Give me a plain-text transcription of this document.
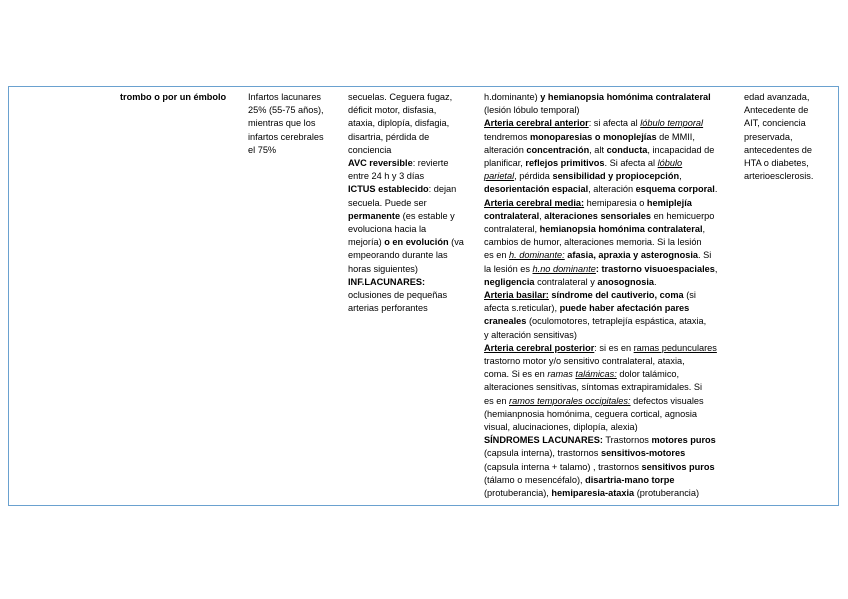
trombo o por un émbolo	Infartos lacunares
25% (55-75 años),
mientras que los
infartos cerebrales
el 75%
secuelas. Ceguera fugaz,
déficit motor, disfasia,
ataxia, diplopía, disfagia,
disartria, pérdida de
conciencia
AVC reversible: revierte
entre 24 h y 3 días
ICTUS establecido: dejan
secuela. Puede ser
permanente (es estable y
evoluciona hacia la
mejoría) o en evolución (va
empeorando durante las
horas siguientes)
INF.LACUNARES:
oclusiones de pequeñas
arterias perforantes
h.dominante) y hemianopsia homónima contralateral
(lesión lóbulo temporal)
Arteria cerebral anterior: si afecta al lóbulo temporal
tendremos monoparesias o monoplejías de MMII,
alteración concentración, alt conducta, incapacidad de
planificar, reflejos primitivos. Si afecta al lóbulo
parietal, pérdida sensibilidad y propiocepción,
desorientación espacial, alteración esquema corporal.
Arteria cerebral media: hemiparesia o hemiplejía
contralateral, alteraciones sensoriales en hemicuerpo
contralateral, hemianopsia homónima contralateral,
cambios de humor, alteraciones memoria. Si la lesión
es en h. dominante: afasia, apraxia y asterognosia. Si
la lesión es h.no dominante: trastorno visuoespaciales,
negligencia contralateral y anosognosia.
Arteria basilar: síndrome del cautiverio, coma (si
afecta s.reticular), puede haber afectación pares
craneales (oculomotores, tetraplejía espástica, ataxia,
y alteración sensitivas)
Arteria cerebral posterior: si es en ramas pedunculares
trastorno motor y/o sensitivo contralateral, ataxia,
coma. Si es en ramas talámicas: dolor talámico,
alteraciones sensitivas, síntomas extrapiramidales. Si
es en ramos temporales occipitales: defectos visuales
(hemianpnosia homónima, ceguera cortical, agnosia
visual, alucinaciones, diplopía, alexia)
SÍNDROMES LACUNARES: Trastornos motores puros
(capsula interna), trastornos sensitivos-motores
(capsula interna + talamo) , trastornos sensitivos puros
(tálamo o mesencéfalo), disartria-mano torpe
(protuberancia), hemiparesia-ataxia (protuberancia)
edad avanzada,
Antecedente de
AIT, conciencia
preservada,
antecedentes de
HTA o diabetes,
arterioesclerosis.
